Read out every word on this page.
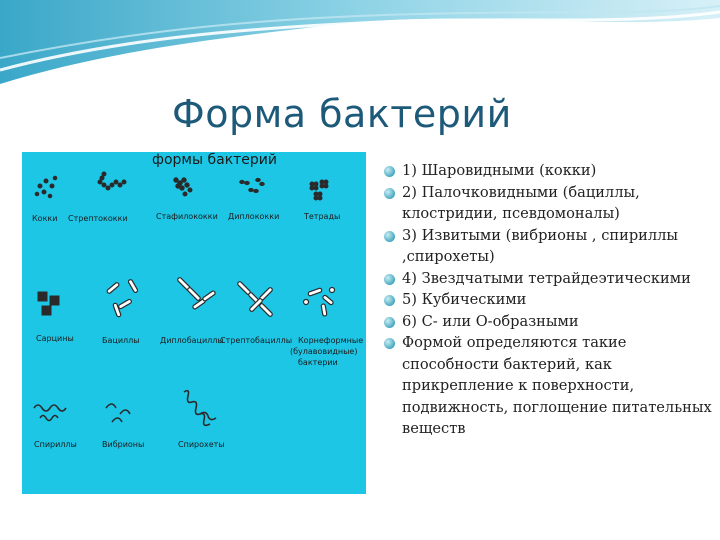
Форма бактерий
формы бактерий
Кокки Стрептококки	Стафилококки Диплококки	Тетрады
Сарцины	Бациллы	Диплобациллы
Стрептобациллы Корнеформные
(булавовидные)
бактерии
Спириллы	Вибрионы	Спирохеты
1) Шаровидными (кокки)
2) Палочковидными (бациллы, клостридии, псевдомоналы)
3) Извитыми (вибрионы , спириллы ,спирохеты)
4) Звездчатыми тетрайдеэтическими
5) Кубическими
6) С- или О-образными
Формой определяются такие способности бактерий, как прикрепление к поверхности, подвижность, поглощение питательных веществ
